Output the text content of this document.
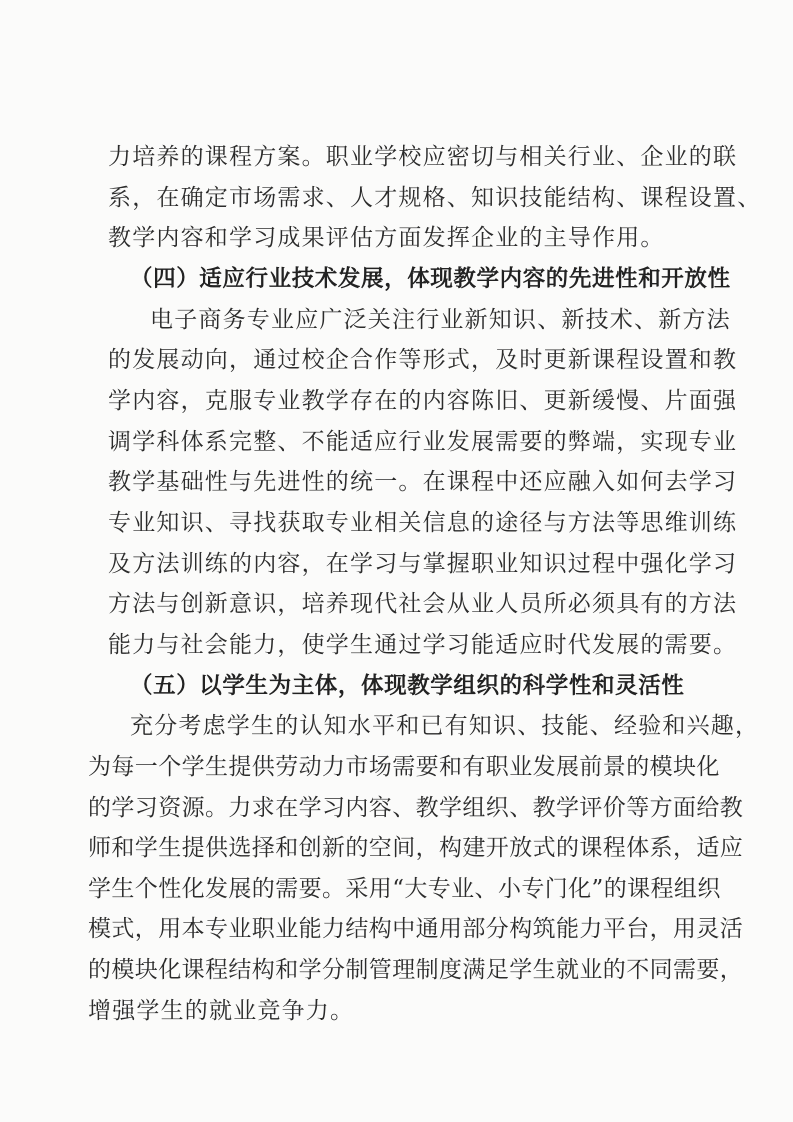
力培养的课程方案。职业学校应密切与相关行业、企业的联
系，在确定市场需求、人才规格、知识技能结构、课程设置、
教学内容和学习成果评估方面发挥企业的主导作用。
（四）适应行业技术发展，体现教学内容的先进性和开放性
电子商务专业应广泛关注行业新知识、新技术、新方法
的发展动向，通过校企合作等形式，及时更新课程设置和教
学内容，克服专业教学存在的内容陈旧、更新缓慢、片面强
调学科体系完整、不能适应行业发展需要的弊端，实现专业
教学基础性与先进性的统一。在课程中还应融入如何去学习
专业知识、寻找获取专业相关信息的途径与方法等思维训练
及方法训练的内容，在学习与掌握职业知识过程中强化学习
方法与创新意识，培养现代社会从业人员所必须具有的方法
能力与社会能力，使学生通过学习能适应时代发展的需要。
（五）以学生为主体，体现教学组织的科学性和灵活性
充分考虑学生的认知水平和已有知识、技能、经验和兴趣，
为每一个学生提供劳动力市场需要和有职业发展前景的模块化
的学习资源。力求在学习内容、教学组织、教学评价等方面给教
师和学生提供选择和创新的空间，构建开放式的课程体系，适应
学生个性化发展的需要。采用“大专业、小专门化”的课程组织
模式，用本专业职业能力结构中通用部分构筑能力平台，用灵活
的模块化课程结构和学分制管理制度满足学生就业的不同需要，
增强学生的就业竞争力。
